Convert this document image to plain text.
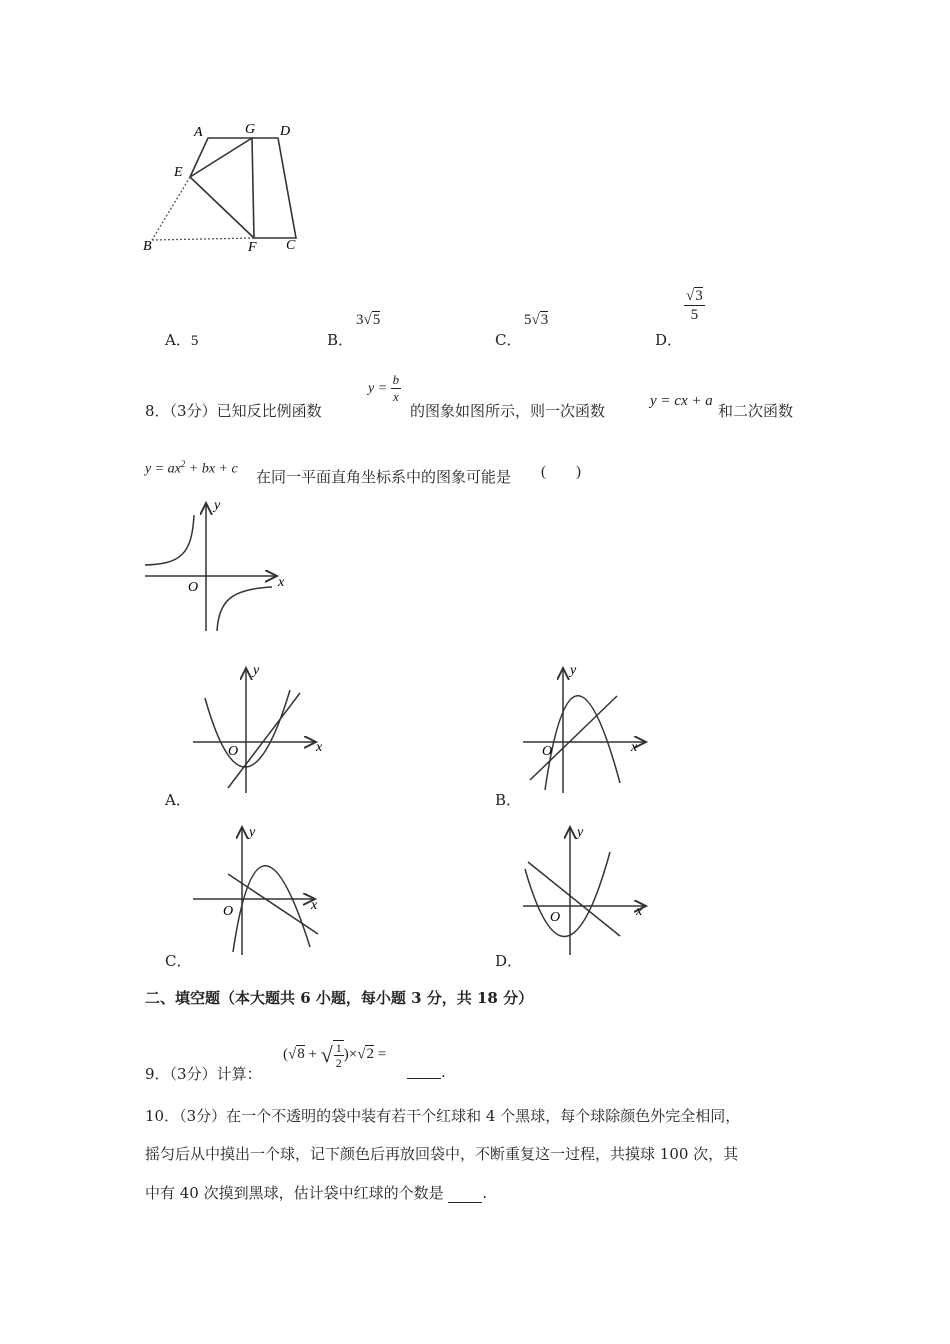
A	G D
E
B	F C
A．5	B．
3√5
C．
5√3
D．
$\frac{√3}{5}$
8．（3分）已知反比例函数
$y = \frac{b}{x}$
的图象如图所示，则一次函数
y = cx + a
和二次函数
$y = ax^2$ + bx + c 在同一平面直角坐标系中的图象可能是 (　　)
y
x
O
y
x
O
A．
y
x
O
B．
y
x
O
C．
y
x
O
D．
二、填空题（本大题共 6 小题，每小题 3 分，共 18 分）
9．（3分）计算：
(√8 + √ $\frac{1}{2} )\times√2$ =
.
10．（3分）在一个不透明的袋中装有若干个红球和 4 个黑球，每个球除颜色外完全相同，
摇匀后从中摸出一个球，记下颜色后再放回袋中，不断重复这一过程，共摸球 100 次，其
中有 40 次摸到黑球，估计袋中红球的个数是	.
